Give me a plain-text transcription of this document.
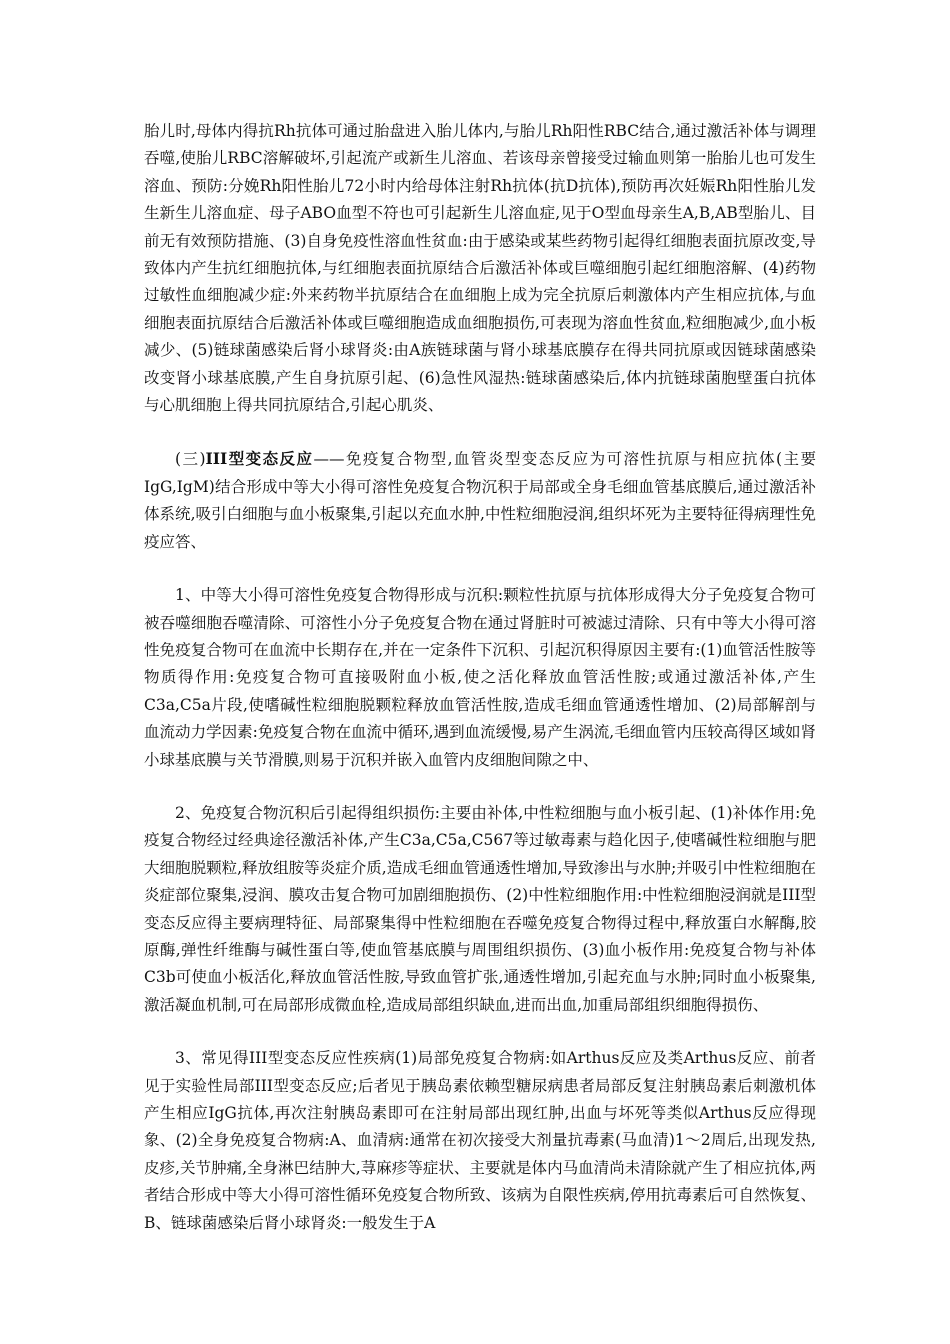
胎儿时,母体内得抗Rh抗体可通过胎盘进入胎儿体内,与胎儿Rh阳性RBC结合,通过激活补体与调理吞噬,使胎儿RBC溶解破坏,引起流产或新生儿溶血、若该母亲曾接受过输血则第一胎胎儿也可发生溶血、预防:分娩Rh阳性胎儿72小时内给母体注射Rh抗体(抗D抗体),预防再次妊娠Rh阳性胎儿发生新生儿溶血症、母子ABO血型不符也可引起新生儿溶血症,见于O型血母亲生A,B,AB型胎儿、目前无有效预防措施、(3)自身免疫性溶血性贫血:由于感染或某些药物引起得红细胞表面抗原改变,导致体内产生抗红细胞抗体,与红细胞表面抗原结合后激活补体或巨噬细胞引起红细胞溶解、(4)药物过敏性血细胞减少症:外来药物半抗原结合在血细胞上成为完全抗原后刺激体内产生相应抗体,与血细胞表面抗原结合后激活补体或巨噬细胞造成血细胞损伤,可表现为溶血性贫血,粒细胞减少,血小板减少、(5)链球菌感染后肾小球肾炎:由A族链球菌与肾小球基底膜存在得共同抗原或因链球菌感染改变肾小球基底膜,产生自身抗原引起、(6)急性风湿热:链球菌感染后,体内抗链球菌胞壁蛋白抗体与心肌细胞上得共同抗原结合,引起心肌炎、

(三)III型变态反应——免疫复合物型,血管炎型变态反应为可溶性抗原与相应抗体(主要IgG,IgM)结合形成中等大小得可溶性免疫复合物沉积于局部或全身毛细血管基底膜后,通过激活补体系统,吸引白细胞与血小板聚集,引起以充血水肿,中性粒细胞浸润,组织坏死为主要特征得病理性免疫应答、

1、中等大小得可溶性免疫复合物得形成与沉积:颗粒性抗原与抗体形成得大分子免疫复合物可被吞噬细胞吞噬清除、可溶性小分子免疫复合物在通过肾脏时可被滤过清除、只有中等大小得可溶性免疫复合物可在血流中长期存在,并在一定条件下沉积、引起沉积得原因主要有:(1)血管活性胺等物质得作用:免疫复合物可直接吸附血小板,使之活化释放血管活性胺;或通过激活补体,产生C3a,C5a片段,使嗜碱性粒细胞脱颗粒释放血管活性胺,造成毛细血管通透性增加、(2)局部解剖与血流动力学因素:免疫复合物在血流中循环,遇到血流缓慢,易产生涡流,毛细血管内压较高得区域如肾小球基底膜与关节滑膜,则易于沉积并嵌入血管内皮细胞间隙之中、

2、免疫复合物沉积后引起得组织损伤:主要由补体,中性粒细胞与血小板引起、(1)补体作用:免疫复合物经过经典途径激活补体,产生C3a,C5a,C567等过敏毒素与趋化因子,使嗜碱性粒细胞与肥大细胞脱颗粒,释放组胺等炎症介质,造成毛细血管通透性增加,导致渗出与水肿;并吸引中性粒细胞在炎症部位聚集,浸润、膜攻击复合物可加剧细胞损伤、(2)中性粒细胞作用:中性粒细胞浸润就是III型变态反应得主要病理特征、局部聚集得中性粒细胞在吞噬免疫复合物得过程中,释放蛋白水解酶,胶原酶,弹性纤维酶与碱性蛋白等,使血管基底膜与周围组织损伤、(3)血小板作用:免疫复合物与补体C3b可使血小板活化,释放血管活性胺,导致血管扩张,通透性增加,引起充血与水肿;同时血小板聚集,激活凝血机制,可在局部形成微血栓,造成局部组织缺血,进而出血,加重局部组织细胞得损伤、

3、常见得III型变态反应性疾病(1)局部免疫复合物病:如Arthus反应及类Arthus反应、前者见于实验性局部III型变态反应;后者见于胰岛素依赖型糖尿病患者局部反复注射胰岛素后刺激机体产生相应IgG抗体,再次注射胰岛素即可在注射局部出现红肿,出血与坏死等类似Arthus反应得现象、(2)全身免疫复合物病:A、血清病:通常在初次接受大剂量抗毒素(马血清)1～2周后,出现发热,皮疹,关节肿痛,全身淋巴结肿大,荨麻疹等症状、主要就是体内马血清尚未清除就产生了相应抗体,两者结合形成中等大小得可溶性循环免疫复合物所致、该病为自限性疾病,停用抗毒素后可自然恢复、B、链球菌感染后肾小球肾炎:一般发生于A
